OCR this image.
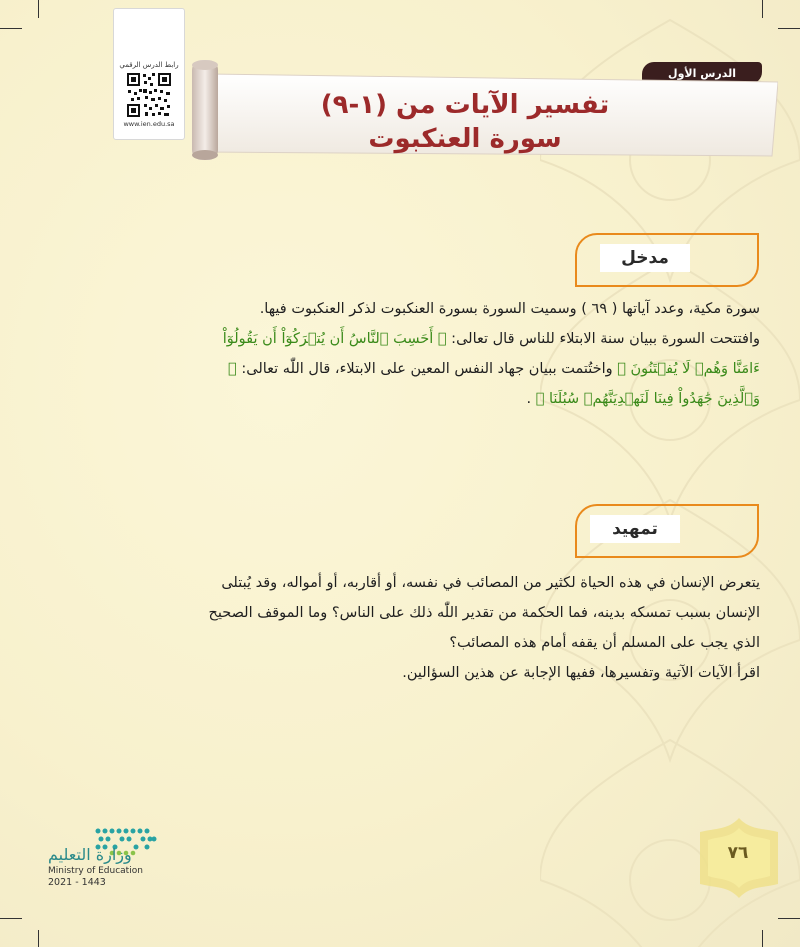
رابط الدرس الرقمي
www.ien.edu.sa
الدرس الأول
تفسير الآيات من (١-٩)
سورة العنكبوت
مدخل
سورة مكية، وعدد آياتها ( ٦٩ ) وسميت السورة بسورة العنكبوت لذكر العنكبوت فيها.
وافتتحت السورة ببيان سنة الابتلاء للناس قال تعالى: ﴿ أَحَسِبَ ٱلنَّاسُ أَن يُتۡرَكُوٓاْ أَن يَقُولُوٓاْ ءَامَنَّا وَهُمۡ لَا يُفۡتَنُونَ ﴾ واختُتمت ببيان جهاد النفس المعين على الابتلاء، قال اللّٰه تعالى: ﴿ وَٱلَّذِينَ جَٰهَدُواْ فِينَا لَنَهۡدِيَنَّهُمۡ سُبُلَنَا ﴾ .
تمهيد
يتعرض الإنسان في هذه الحياة لكثير من المصائب في نفسه، أو أقاربه، أو أمواله، وقد يُبتلى الإنسان بسبب تمسكه بدينه، فما الحكمة من تقدير اللّٰه ذلك على الناس؟ وما الموقف الصحيح الذي يجب على المسلم أن يقفه أمام هذه المصائب؟
اقرأ الآيات الآتية وتفسيرها، ففيها الإجابة عن هذين السؤالين.
وزارة التعليم
Ministry of Education
2021 - 1443
٧٦
